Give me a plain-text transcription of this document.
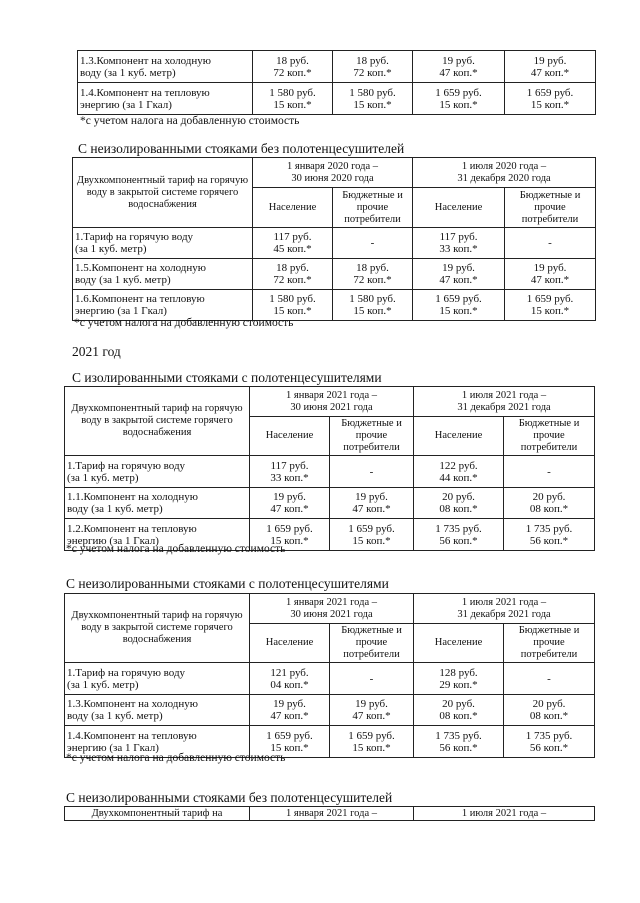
1.3.Компонент на холодную
воду (за 1 куб. метр)	18 руб.
72 коп.*	18 руб.
72 коп.*	19 руб.
47 коп.*	19 руб.
47 коп.*
1.4.Компонент на тепловую
энергию (за 1 Гкал)	1 580 руб.
15 коп.*	1 580 руб.
15 коп.*	1 659 руб.
15 коп.*	1 659 руб.
15 коп.*
*с учетом налога на добавленную стоимость
С неизолированными стояками без полотенцесушителей
Двухкомпонентный тариф на горячую воду в закрытой системе горячего водоснабжения	1 января 2020 года –
30 июня 2020 года		1 июля 2020 года –
31 декабря 2020 года	
	Население	Бюджетные и
прочие
потребители	Население	Бюджетные и
прочие
потребители
1.Тариф на горячую воду
(за 1 куб. метр)	117 руб.
45 коп.*	-	117 руб.
33 коп.*	-
1.5.Компонент на холодную
воду (за 1 куб. метр)	18 руб.
72 коп.*	18 руб.
72 коп.*	19 руб.
47 коп.*	19 руб.
47 коп.*
1.6.Компонент на тепловую
энергию (за 1 Гкал)	1 580 руб.
15 коп.*	1 580 руб.
15 коп.*	1 659 руб.
15 коп.*	1 659 руб.
15 коп.*
*с учетом налога на добавленную стоимость
2021 год
С изолированными стояками с полотенцесушителями
Двухкомпонентный тариф на горячую воду в закрытой системе горячего водоснабжения	1 января 2021 года –
30 июня 2021 года		1 июля 2021 года –
31 декабря 2021 года	
	Население	Бюджетные и
прочие
потребители	Население	Бюджетные и
прочие
потребители
1.Тариф на горячую воду
(за 1 куб. метр)	117 руб.
33 коп.*	-	122 руб.
44 коп.*	-
1.1.Компонент на холодную
воду (за 1 куб. метр)	19 руб.
47 коп.*	19 руб.
47 коп.*	20 руб.
08 коп.*	20 руб.
08 коп.*
1.2.Компонент на тепловую
энергию (за 1 Гкал)	1 659 руб.
15 коп.*	1 659 руб.
15 коп.*	1 735 руб.
56 коп.*	1 735 руб.
56 коп.*
*с учетом налога на добавленную стоимость
С неизолированными стояками с полотенцесушителями
Двухкомпонентный тариф на горячую воду в закрытой системе горячего водоснабжения	1 января 2021 года –
30 июня 2021 года		1 июля 2021 года –
31 декабря 2021 года	
	Население	Бюджетные и
прочие
потребители	Население	Бюджетные и
прочие
потребители
1.Тариф на горячую воду
(за 1 куб. метр)	121 руб.
04 коп.*	-	128 руб.
29 коп.*	-
1.3.Компонент на холодную
воду (за 1 куб. метр)	19 руб.
47 коп.*	19 руб.
47 коп.*	20 руб.
08 коп.*	20 руб.
08 коп.*
1.4.Компонент на тепловую
энергию (за 1 Гкал)	1 659 руб.
15 коп.*	1 659 руб.
15 коп.*	1 735 руб.
56 коп.*	1 735 руб.
56 коп.*
*с учетом налога на добавленную стоимость
С неизолированными стояками без полотенцесушителей
Двухкомпонентный тариф на	1 января 2021 года –	1 июля 2021 года –
